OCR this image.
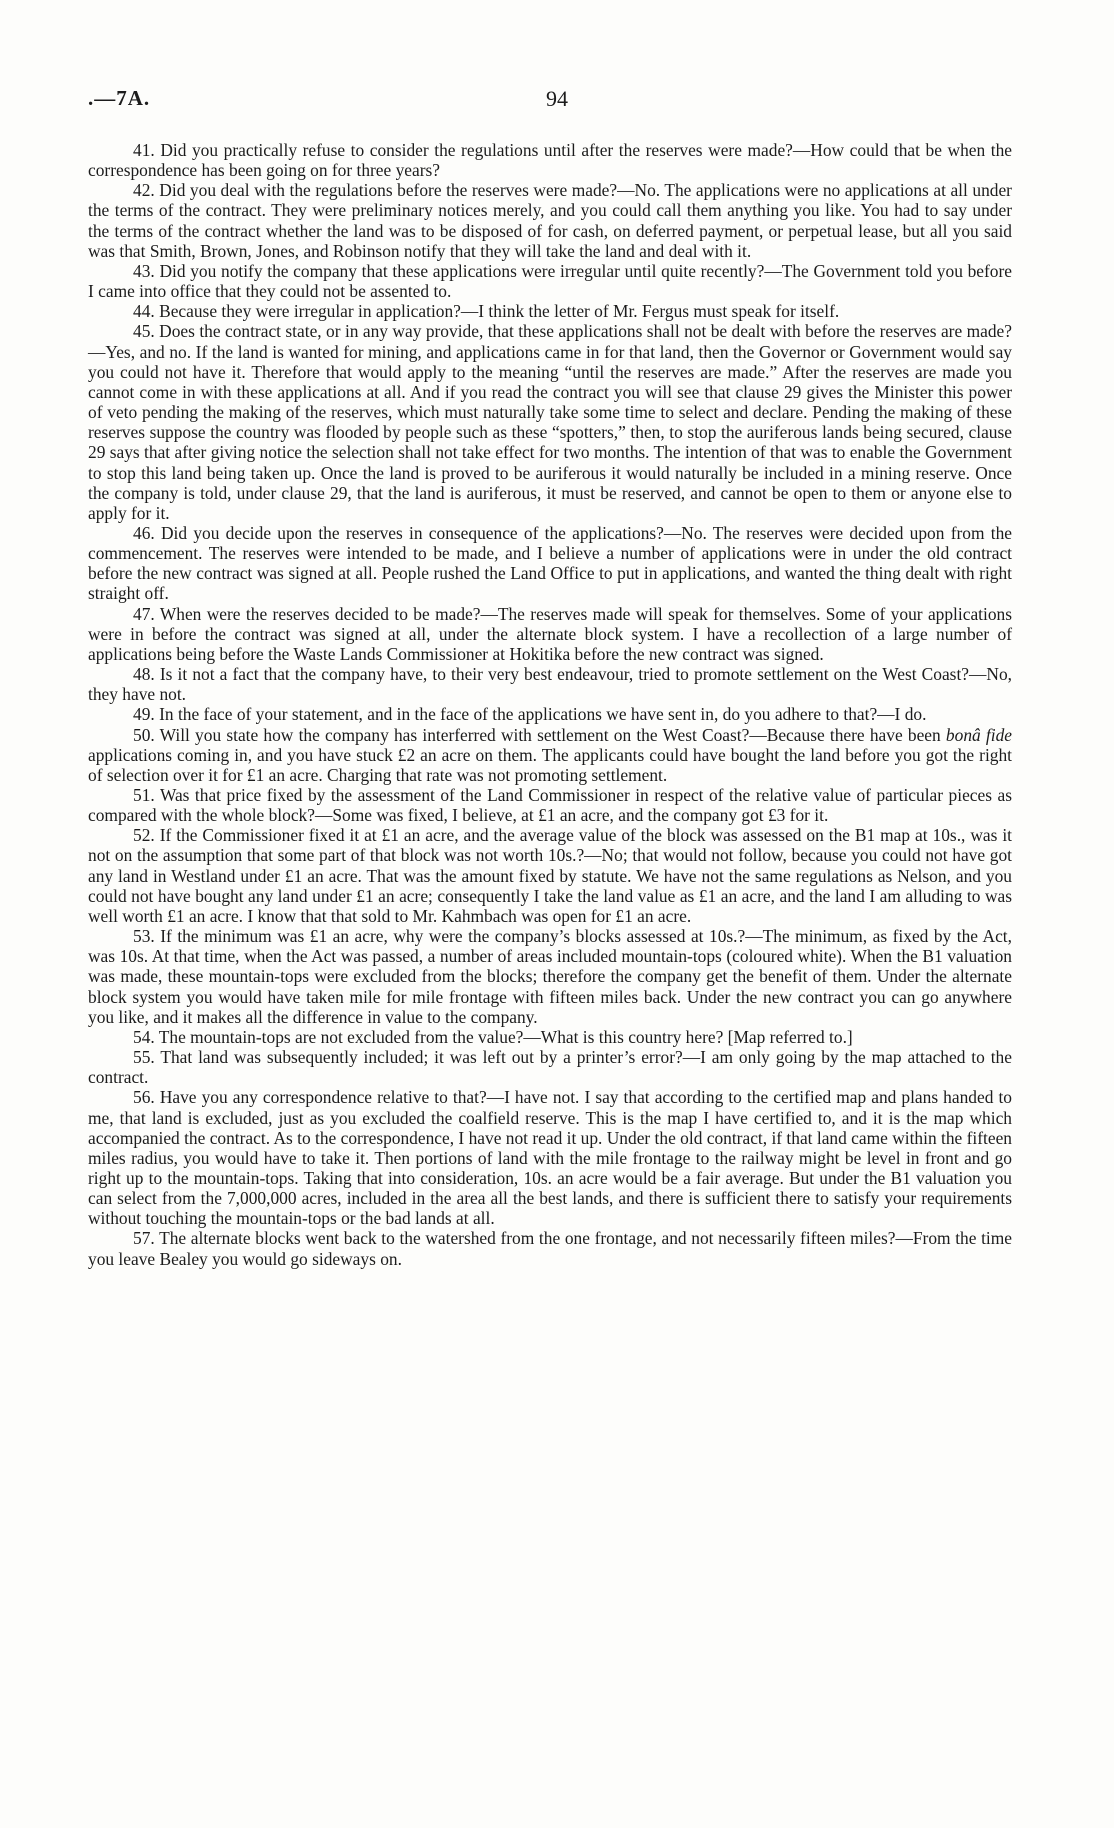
.—7A.	94

41. Did you practically refuse to consider the regulations until after the reserves were made?—How could that be when the correspondence has been going on for three years?

42. Did you deal with the regulations before the reserves were made?—No. The applications were no applications at all under the terms of the contract. They were preliminary notices merely, and you could call them anything you like. You had to say under the terms of the contract whether the land was to be disposed of for cash, on deferred payment, or perpetual lease, but all you said was that Smith, Brown, Jones, and Robinson notify that they will take the land and deal with it.

43. Did you notify the company that these applications were irregular until quite recently?—The Government told you before I came into office that they could not be assented to.

44. Because they were irregular in application?—I think the letter of Mr. Fergus must speak for itself.

45. Does the contract state, or in any way provide, that these applications shall not be dealt with before the reserves are made?—Yes, and no. If the land is wanted for mining, and applications came in for that land, then the Governor or Government would say you could not have it. Therefore that would apply to the meaning “until the reserves are made.” After the reserves are made you cannot come in with these applications at all. And if you read the contract you will see that clause 29 gives the Minister this power of veto pending the making of the reserves, which must naturally take some time to select and declare. Pending the making of these reserves suppose the country was flooded by people such as these “spotters,” then, to stop the auriferous lands being secured, clause 29 says that after giving notice the selection shall not take effect for two months. The intention of that was to enable the Government to stop this land being taken up. Once the land is proved to be auriferous it would naturally be included in a mining reserve. Once the company is told, under clause 29, that the land is auriferous, it must be reserved, and cannot be open to them or anyone else to apply for it.

46. Did you decide upon the reserves in consequence of the applications?—No. The reserves were decided upon from the commencement. The reserves were intended to be made, and I believe a number of applications were in under the old contract before the new contract was signed at all. People rushed the Land Office to put in applications, and wanted the thing dealt with right straight off.

47. When were the reserves decided to be made?—The reserves made will speak for themselves. Some of your applications were in before the contract was signed at all, under the alternate block system. I have a recollection of a large number of applications being before the Waste Lands Commissioner at Hokitika before the new contract was signed.

48. Is it not a fact that the company have, to their very best endeavour, tried to promote settlement on the West Coast?—No, they have not.

49. In the face of your statement, and in the face of the applications we have sent in, do you adhere to that?—I do.

50. Will you state how the company has interferred with settlement on the West Coast?—Because there have been bonâ fide applications coming in, and you have stuck £2 an acre on them. The applicants could have bought the land before you got the right of selection over it for £1 an acre. Charging that rate was not promoting settlement.

51. Was that price fixed by the assessment of the Land Commissioner in respect of the relative value of particular pieces as compared with the whole block?—Some was fixed, I believe, at £1 an acre, and the company got £3 for it.

52. If the Commissioner fixed it at £1 an acre, and the average value of the block was assessed on the B1 map at 10s., was it not on the assumption that some part of that block was not worth 10s.?—No; that would not follow, because you could not have got any land in Westland under £1 an acre. That was the amount fixed by statute. We have not the same regulations as Nelson, and you could not have bought any land under £1 an acre; consequently I take the land value as £1 an acre, and the land I am alluding to was well worth £1 an acre. I know that that sold to Mr. Kahmbach was open for £1 an acre.

53. If the minimum was £1 an acre, why were the company’s blocks assessed at 10s.?—The minimum, as fixed by the Act, was 10s. At that time, when the Act was passed, a number of areas included mountain-tops (coloured white). When the B1 valuation was made, these mountain-tops were excluded from the blocks; therefore the company get the benefit of them. Under the alternate block system you would have taken mile for mile frontage with fifteen miles back. Under the new contract you can go anywhere you like, and it makes all the difference in value to the company.

54. The mountain-tops are not excluded from the value?—What is this country here? [Map referred to.]

55. That land was subsequently included; it was left out by a printer’s error?—I am only going by the map attached to the contract.

56. Have you any correspondence relative to that?—I have not. I say that according to the certified map and plans handed to me, that land is excluded, just as you excluded the coalfield reserve. This is the map I have certified to, and it is the map which accompanied the contract. As to the correspondence, I have not read it up. Under the old contract, if that land came within the fifteen miles radius, you would have to take it. Then portions of land with the mile frontage to the railway might be level in front and go right up to the mountain-tops. Taking that into consideration, 10s. an acre would be a fair average. But under the B1 valuation you can select from the 7,000,000 acres, included in the area all the best lands, and there is sufficient there to satisfy your requirements without touching the mountain-tops or the bad lands at all.

57. The alternate blocks went back to the watershed from the one frontage, and not necessarily fifteen miles?—From the time you leave Bealey you would go sideways on.
